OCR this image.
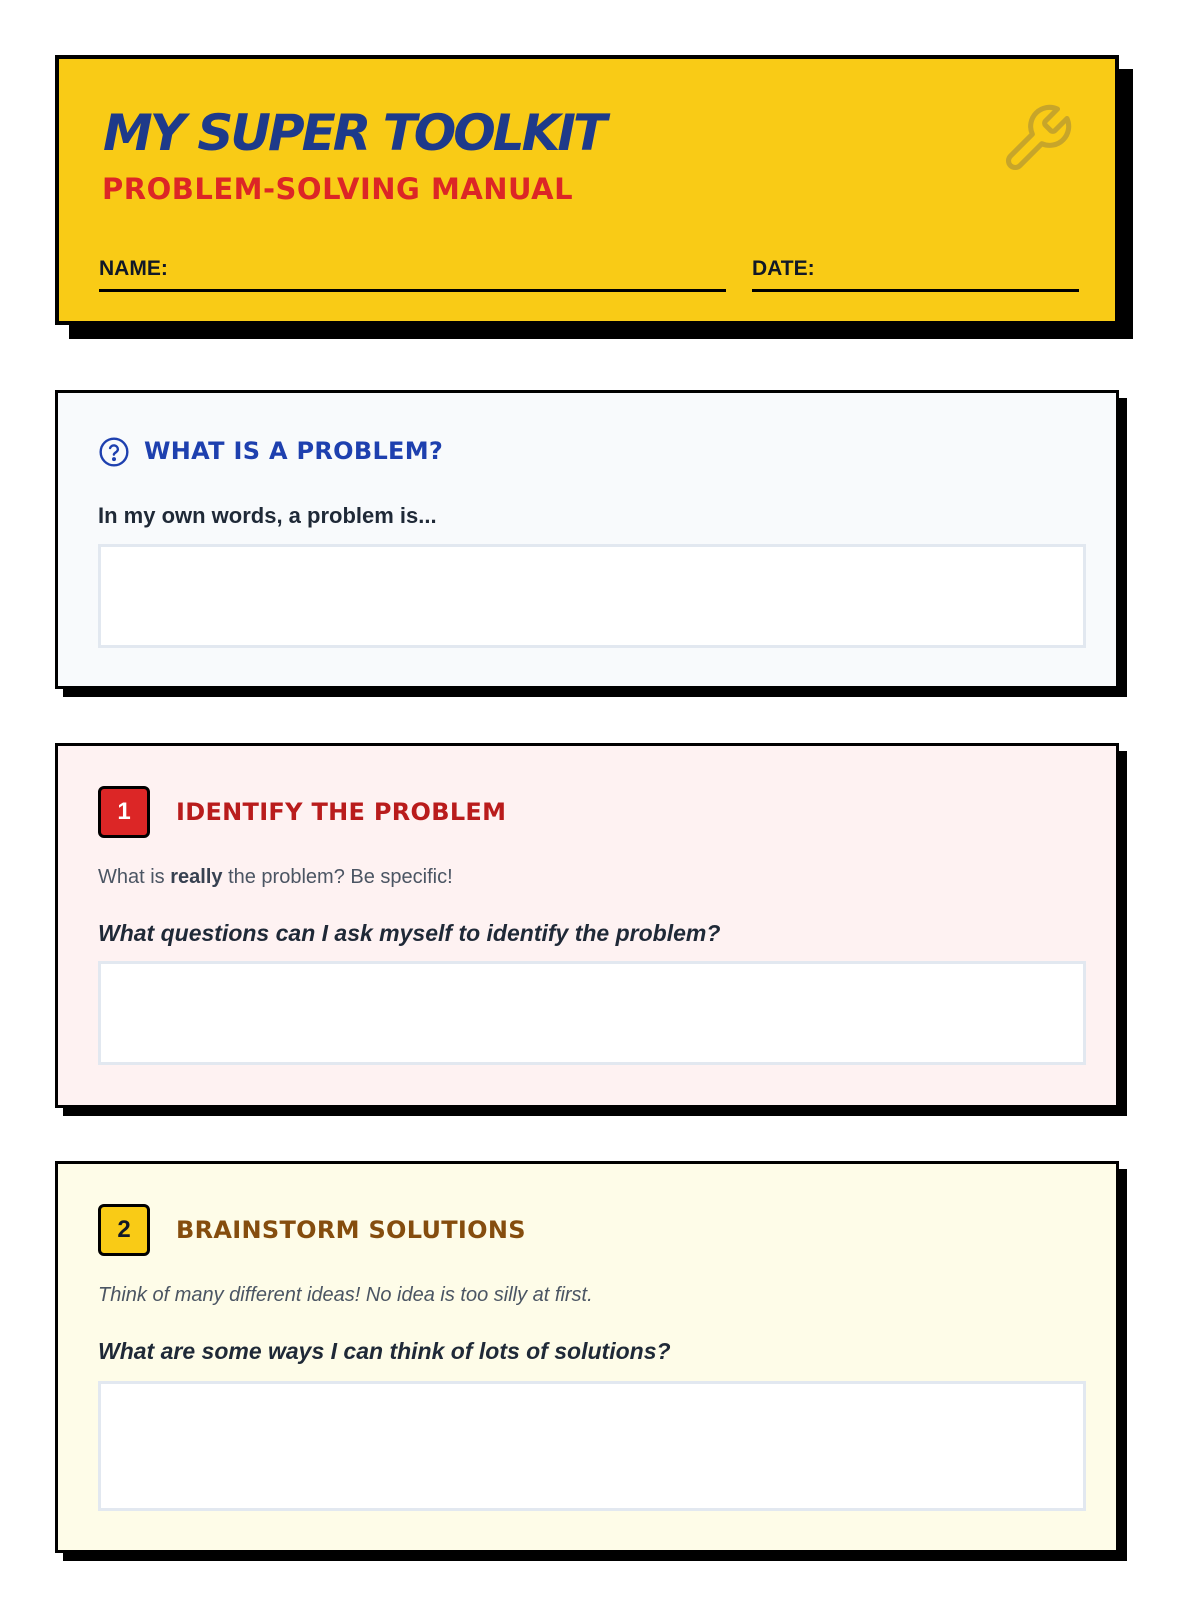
MY SUPER TOOLKIT
PROBLEM-SOLVING MANUAL
NAME:	DATE:
WHAT IS A PROBLEM?
In my own words, a problem is...
1	IDENTIFY THE PROBLEM
What is really the problem? Be specific!
What questions can I ask myself to identify the problem?
2	BRAINSTORM SOLUTIONS
Think of many different ideas! No idea is too silly at first.
What are some ways I can think of lots of solutions?
